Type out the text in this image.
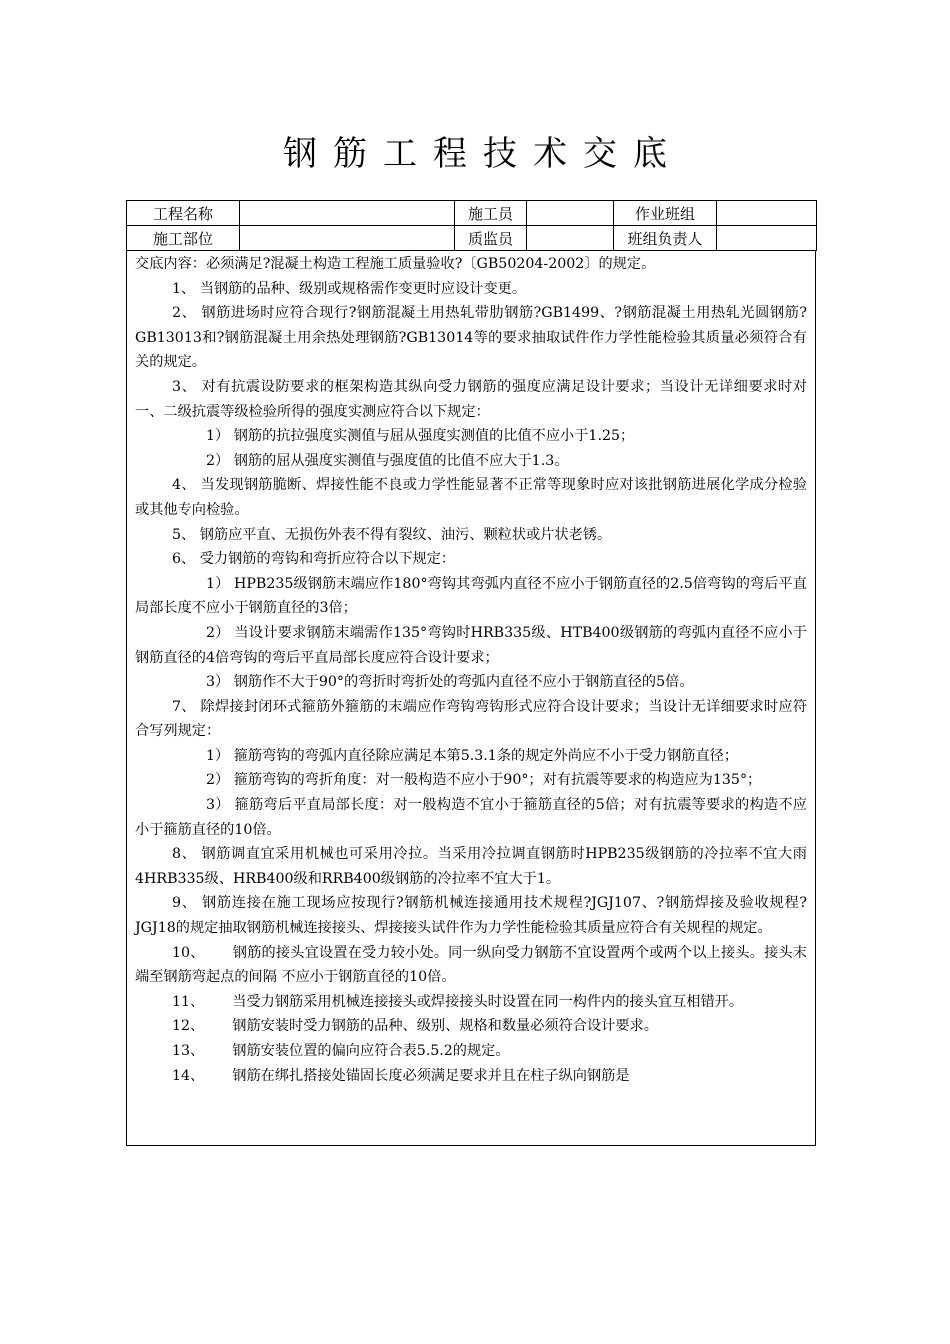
钢筋工程技术交底
工程名称		施工员		作业班组	
施工部位		质监员		班组负责人	

交底内容：必须满足?混凝土构造工程施工质量验收?〔GB50204-2002〕的规定。

1、 当钢筋的品种、级别或规格需作变更时应设计变更。

2、 钢筋进场时应符合现行?钢筋混凝土用热轧带肋钢筋?GB1499、?钢筋混凝土用热轧光圆钢筋?GB13013和?钢筋混凝土用余热处理钢筋?GB13014等的要求抽取试件作力学性能检验其质量必须符合有关的规定。

3、 对有抗震设防要求的框架构造其纵向受力钢筋的强度应满足设计要求；当设计无详细要求时对一、二级抗震等级检验所得的强度实测应符合以下规定：

1） 钢筋的抗拉强度实测值与屈从强度实测值的比值不应小于1.25；

2） 钢筋的屈从强度实测值与强度值的比值不应大于1.3。

4、 当发现钢筋脆断、焊接性能不良或力学性能显著不正常等现象时应对该批钢筋进展化学成分检验或其他专向检验。

5、 钢筋应平直、无损伤外表不得有裂纹、油污、颗粒状或片状老锈。

6、 受力钢筋的弯钩和弯折应符合以下规定：

1） HPB235级钢筋末端应作180°弯钩其弯弧内直径不应小于钢筋直径的2.5倍弯钩的弯后平直局部长度不应小于钢筋直径的3倍；

2） 当设计要求钢筋末端需作135°弯钩时HRB335级、HTB400级钢筋的弯弧内直径不应小于钢筋直径的4倍弯钩的弯后平直局部长度应符合设计要求；

3） 钢筋作不大于90°的弯折时弯折处的弯弧内直径不应小于钢筋直径的5倍。

7、 除焊接封闭环式箍筋外箍筋的末端应作弯钩弯钩形式应符合设计要求；当设计无详细要求时应符合写列规定：

1） 箍筋弯钩的弯弧内直径除应满足本第5.3.1条的规定外尚应不小于受力钢筋直径；

2） 箍筋弯钩的弯折角度：对一般构造不应小于90°；对有抗震等要求的构造应为135°；

3） 箍筋弯后平直局部长度：对一般构造不宜小于箍筋直径的5倍；对有抗震等要求的构造不应小于箍筋直径的10倍。

8、 钢筋调直宜采用机械也可采用冷拉。当采用冷拉调直钢筋时HPB235级钢筋的冷拉率不宜大雨4HRB335级、HRB400级和RRB400级钢筋的冷拉率不宜大于1。

9、 钢筋连接在施工现场应按现行?钢筋机械连接通用技术规程?JGJ107、?钢筋焊接及验收规程?JGJ18的规定抽取钢筋机械连接接头、焊接接头试件作为力学性能检验其质量应符合有关规程的规定。

10、 钢筋的接头宜设置在受力较小处。同一纵向受力钢筋不宜设置两个或两个以上接头。接头末端至钢筋弯起点的间隔 不应小于钢筋直径的10倍。

11、 当受力钢筋采用机械连接接头或焊接接头时设置在同一构件内的接头宜互相错开。

12、 钢筋安装时受力钢筋的品种、级别、规格和数量必须符合设计要求。

13、 钢筋安装位置的偏向应符合表5.5.2的规定。

14、 钢筋在绑扎搭接处锚固长度必须满足要求并且在柱子纵向钢筋是
